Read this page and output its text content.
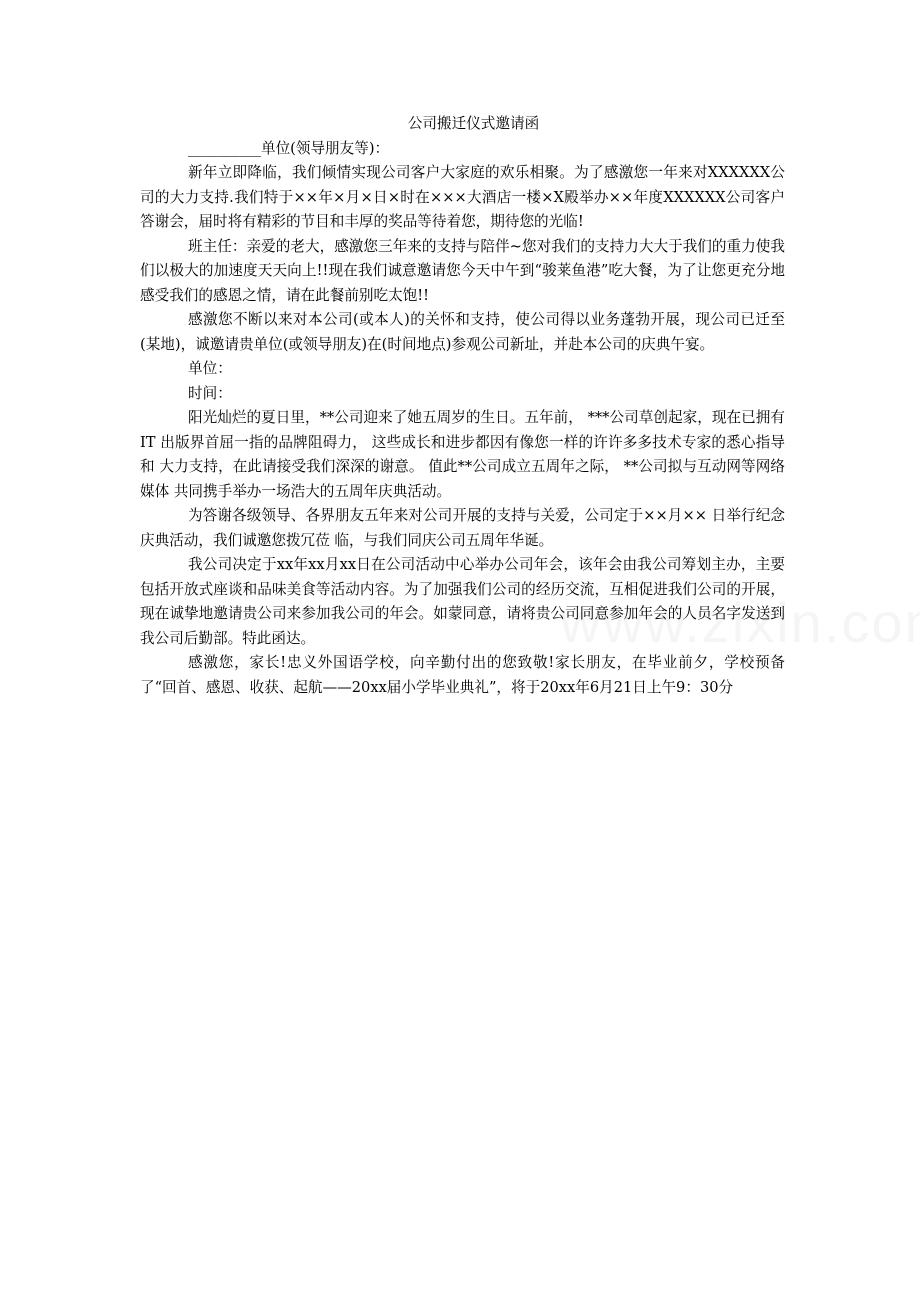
公司搬迁仪式邀请函

__________单位(领导朋友等)：

新年立即降临，我们倾情实现公司客户大家庭的欢乐相聚。为了感激您一年来对XXXXXX公司的大力支持.我们特于××年×月×日×时在×××大酒店一楼×X殿举办××年度XXXXXX公司客户答谢会，届时将有精彩的节目和丰厚的奖品等待着您，期待您的光临!

班主任：亲爱的老大，感激您三年来的支持与陪伴~您对我们的支持力大大于我们的重力使我们以极大的加速度天天向上!!现在我们诚意邀请您今天中午到“骏莱鱼港”吃大餐，为了让您更充分地感受我们的感恩之情，请在此餐前别吃太饱!!

感激您不断以来对本公司(或本人)的关怀和支持，使公司得以业务蓬勃开展，现公司已迁至 (某地)，诚邀请贵单位(或领导朋友)在(时间地点)参观公司新址，并赴本公司的庆典午宴。

单位：

时间：

阳光灿烂的夏日里，**公司迎来了她五周岁的生日。五年前， ***公司草创起家，现在已拥有 IT 出版界首屈一指的品牌阻碍力， 这些成长和进步都因有像您一样的许许多多技术专家的悉心指导和 大力支持，在此请接受我们深深的谢意。 值此**公司成立五周年之际， **公司拟与互动网等网络媒体 共同携手举办一场浩大的五周年庆典活动。

为答谢各级领导、各界朋友五年来对公司开展的支持与关爱，公司定于××月×× 日举行纪念庆典活动，我们诚邀您拨冗莅 临，与我们同庆公司五周年华诞。

我公司决定于xx年xx月xx日在公司活动中心举办公司年会，该年会由我公司筹划主办，主要包括开放式座谈和品味美食等活动内容。为了加强我们公司的经历交流，互相促进我们公司的开展，现在诚挚地邀请贵公司来参加我公司的年会。如蒙同意，请将贵公司同意参加年会的人员名字发送到我公司后勤部。特此函达。

感激您，家长!忠义外国语学校，向辛勤付出的您致敬!家长朋友，在毕业前夕，学校预备了“回首、感恩、收获、起航——20xx届小学毕业典礼”，将于20xx年6月21日上午9：30分
